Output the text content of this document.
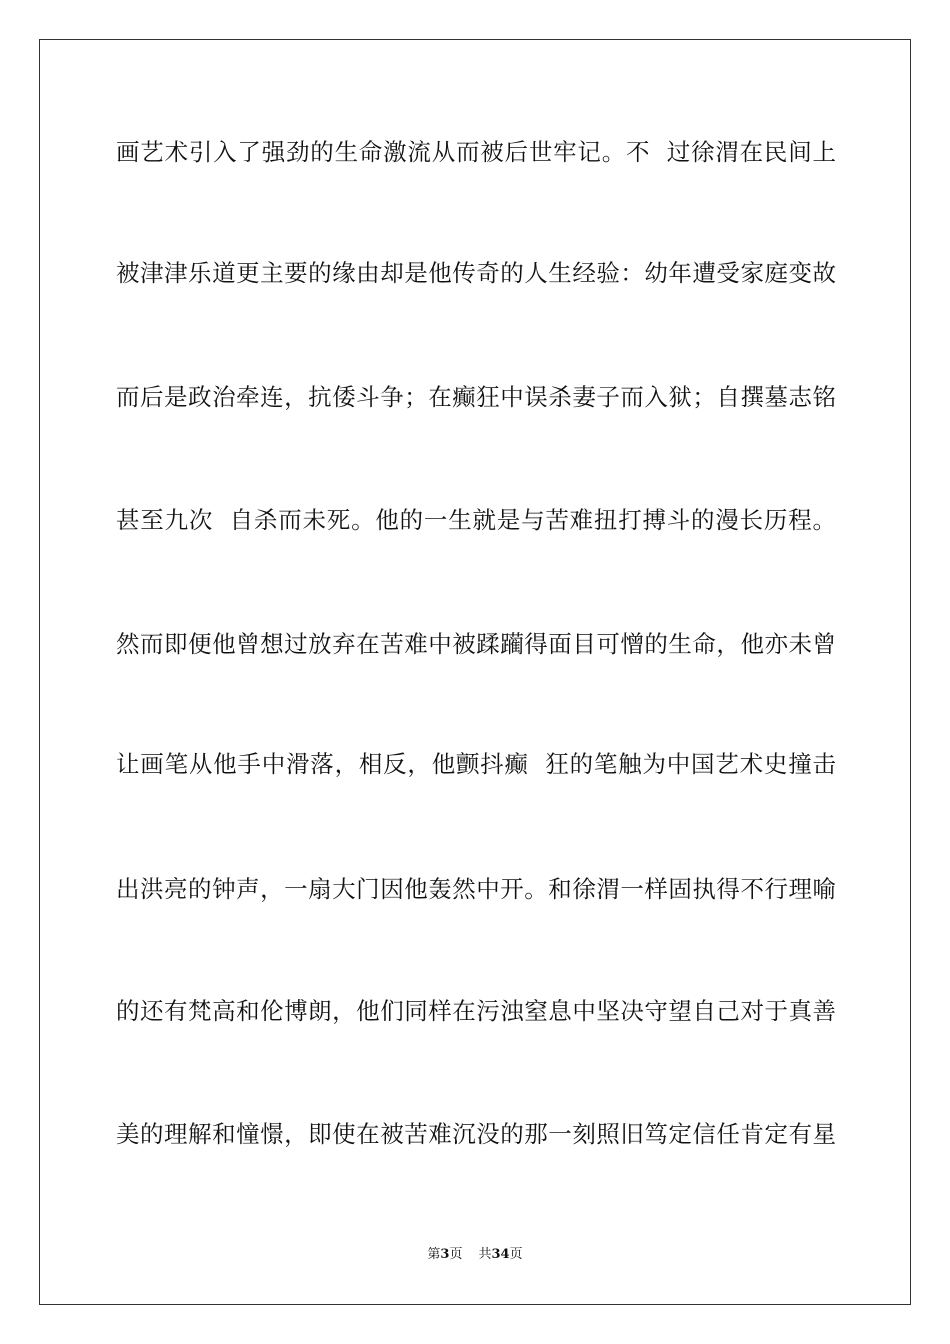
画艺术引入了强劲的生命激流从而被后世牢记。不  过徐渭在民间上
被津津乐道更主要的缘由却是他传奇的人生经验：幼年遭受家庭变故
而后是政治牵连，抗倭斗争；在癫狂中误杀妻子而入狱；自撰墓志铭
甚至九次  自杀而未死。他的一生就是与苦难扭打搏斗的漫长历程。
然而即便他曾想过放弃在苦难中被蹂躏得面目可憎的生命，他亦未曾
让画笔从他手中滑落，相反，他颤抖癫  狂的笔触为中国艺术史撞击
出洪亮的钟声，一扇大门因他轰然中开。和徐渭一样固执得不行理喻
的还有梵高和伦博朗，他们同样在污浊窒息中坚决守望自己对于真善
美的理解和憧憬，即使在被苦难沉没的那一刻照旧笃定信任肯定有星
第3页 共34页
